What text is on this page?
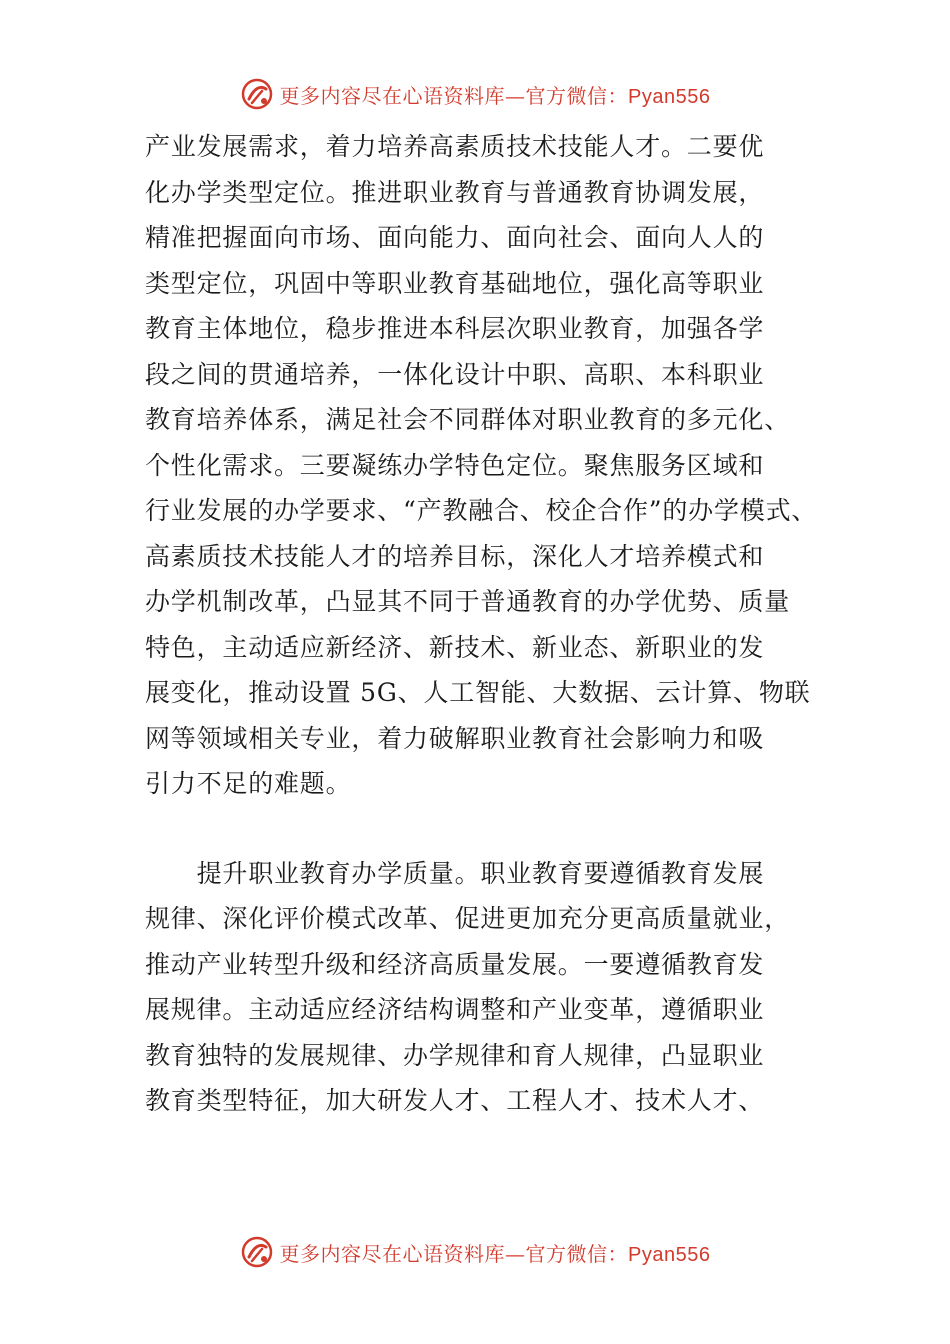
更多内容尽在心语资料库—官方微信：Pyan556

产业发展需求，着力培养高素质技术技能人才。二要优

化办学类型定位。推进职业教育与普通教育协调发展，

精准把握面向市场、面向能力、面向社会、面向人人的

类型定位，巩固中等职业教育基础地位，强化高等职业

教育主体地位，稳步推进本科层次职业教育，加强各学

段之间的贯通培养，一体化设计中职、高职、本科职业

教育培养体系，满足社会不同群体对职业教育的多元化、

个性化需求。三要凝练办学特色定位。聚焦服务区域和

行业发展的办学要求、“产教融合、校企合作”的办学模式、

高素质技术技能人才的培养目标，深化人才培养模式和

办学机制改革，凸显其不同于普通教育的办学优势、质量

特色，主动适应新经济、新技术、新业态、新职业的发

展变化，推动设置 5G、人工智能、大数据、云计算、物联

网等领域相关专业，着力破解职业教育社会影响力和吸

引力不足的难题。

　　提升职业教育办学质量。职业教育要遵循教育发展

规律、深化评价模式改革、促进更加充分更高质量就业，

推动产业转型升级和经济高质量发展。一要遵循教育发

展规律。主动适应经济结构调整和产业变革，遵循职业

教育独特的发展规律、办学规律和育人规律，凸显职业

教育类型特征，加大研发人才、工程人才、技术人才、

更多内容尽在心语资料库—官方微信：Pyan556
